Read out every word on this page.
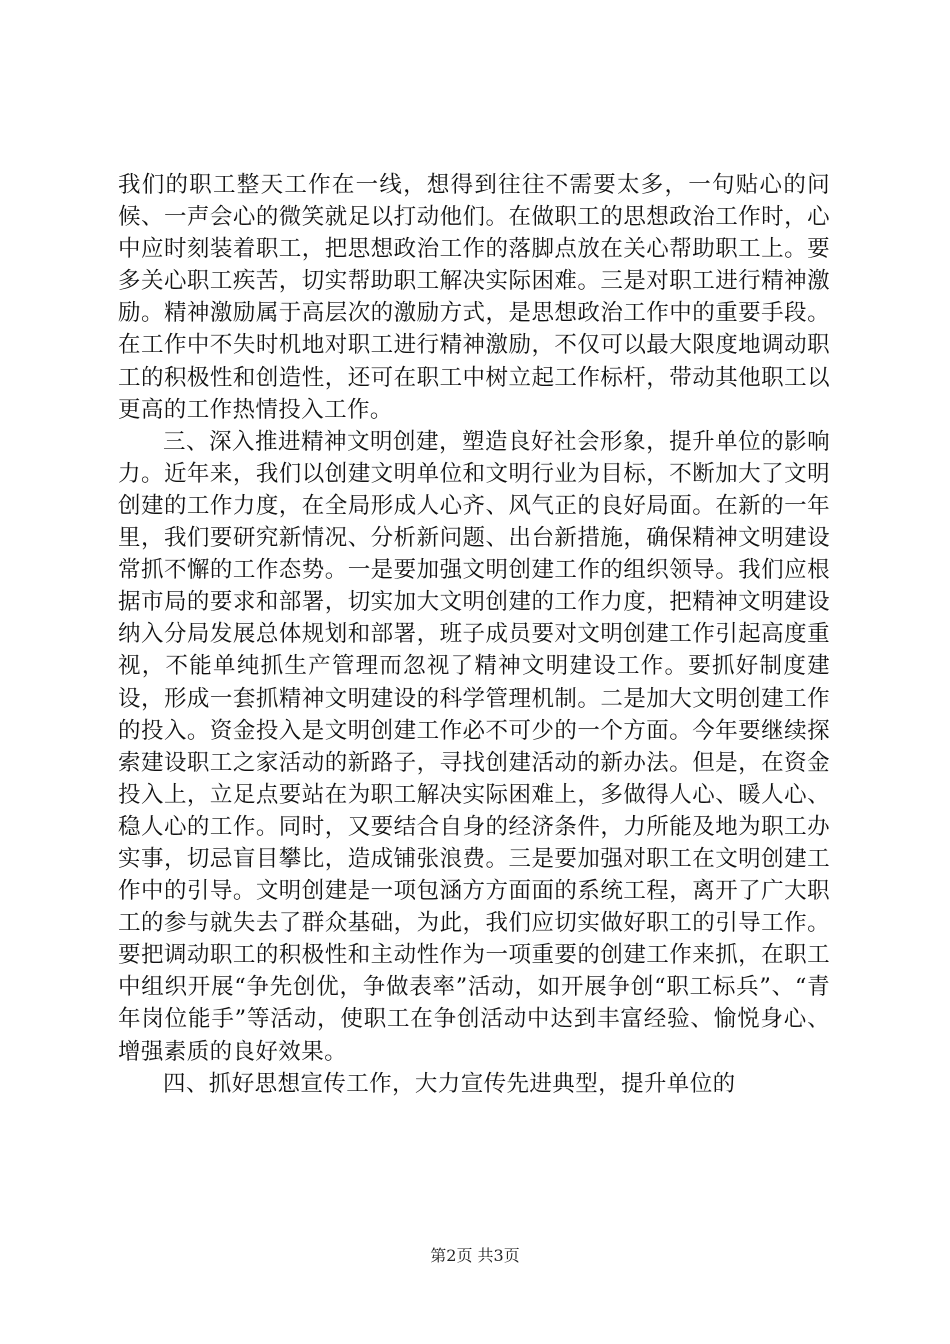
我们的职工整天工作在一线，想得到往往不需要太多，一句贴心的问候、一声会心的微笑就足以打动他们。在做职工的思想政治工作时，心中应时刻装着职工，把思想政治工作的落脚点放在关心帮助职工上。要多关心职工疾苦，切实帮助职工解决实际困难。三是对职工进行精神激励。精神激励属于高层次的激励方式，是思想政治工作中的重要手段。在工作中不失时机地对职工进行精神激励，不仅可以最大限度地调动职工的积极性和创造性，还可在职工中树立起工作标杆，带动其他职工以更高的工作热情投入工作。

三、深入推进精神文明创建，塑造良好社会形象，提升单位的影响力。近年来，我们以创建文明单位和文明行业为目标，不断加大了文明创建的工作力度，在全局形成人心齐、风气正的良好局面。在新的一年里，我们要研究新情况、分析新问题、出台新措施，确保精神文明建设常抓不懈的工作态势。一是要加强文明创建工作的组织领导。我们应根据市局的要求和部署，切实加大文明创建的工作力度，把精神文明建设纳入分局发展总体规划和部署，班子成员要对文明创建工作引起高度重视，不能单纯抓生产管理而忽视了精神文明建设工作。要抓好制度建设，形成一套抓精神文明建设的科学管理机制。二是加大文明创建工作的投入。资金投入是文明创建工作必不可少的一个方面。今年要继续探索建设职工之家活动的新路子，寻找创建活动的新办法。但是，在资金投入上，立足点要站在为职工解决实际困难上，多做得人心、暖人心、稳人心的工作。同时，又要结合自身的经济条件，力所能及地为职工办实事，切忌盲目攀比，造成铺张浪费。三是要加强对职工在文明创建工作中的引导。文明创建是一项包涵方方面面的系统工程，离开了广大职工的参与就失去了群众基础，为此，我们应切实做好职工的引导工作。要把调动职工的积极性和主动性作为一项重要的创建工作来抓，在职工中组织开展“争先创优，争做表率”活动，如开展争创“职工标兵”、“青年岗位能手”等活动，使职工在争创活动中达到丰富经验、愉悦身心、增强素质的良好效果。

四、抓好思想宣传工作，大力宣传先进典型，提升单位的

第2页 共3页
